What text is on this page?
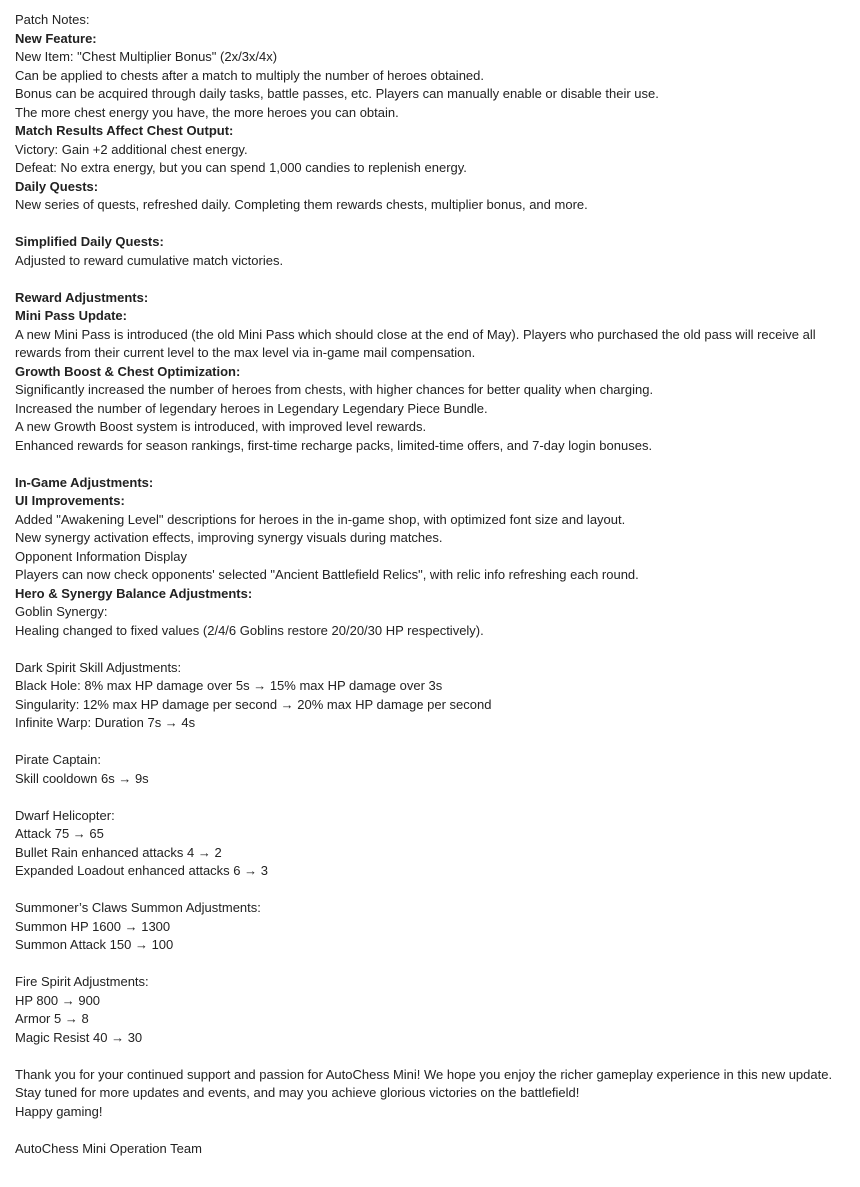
Patch Notes:
New Feature:
New Item: "Chest Multiplier Bonus" (2x/3x/4x)
Can be applied to chests after a match to multiply the number of heroes obtained.
Bonus can be acquired through daily tasks, battle passes, etc. Players can manually enable or disable their use.
The more chest energy you have, the more heroes you can obtain.
Match Results Affect Chest Output:
Victory: Gain +2 additional chest energy.
Defeat: No extra energy, but you can spend 1,000 candies to replenish energy.
Daily Quests:
New series of quests, refreshed daily. Completing them rewards chests, multiplier bonus, and more.
Simplified Daily Quests:
Adjusted to reward cumulative match victories.
Reward Adjustments:
Mini Pass Update:
A new Mini Pass is introduced (the old Mini Pass which should close at the end of May). Players who purchased the old pass will receive all rewards from their current level to the max level via in-game mail compensation.
Growth Boost & Chest Optimization:
Significantly increased the number of heroes from chests, with higher chances for better quality when charging.
Increased the number of legendary heroes in Legendary Legendary Piece Bundle.
A new Growth Boost system is introduced, with improved level rewards.
Enhanced rewards for season rankings, first-time recharge packs, limited-time offers, and 7-day login bonuses.
In-Game Adjustments:
UI Improvements:
Added "Awakening Level" descriptions for heroes in the in-game shop, with optimized font size and layout.
New synergy activation effects, improving synergy visuals during matches.
Opponent Information Display
Players can now check opponents' selected "Ancient Battlefield Relics", with relic info refreshing each round.
Hero & Synergy Balance Adjustments:
Goblin Synergy:
Healing changed to fixed values (2/4/6 Goblins restore 20/20/30 HP respectively).
Dark Spirit Skill Adjustments:
Black Hole: 8% max HP damage over 5s → 15% max HP damage over 3s
Singularity: 12% max HP damage per second → 20% max HP damage per second
Infinite Warp: Duration 7s → 4s
Pirate Captain:
Skill cooldown 6s → 9s
Dwarf Helicopter:
Attack 75 → 65
Bullet Rain enhanced attacks 4 → 2
Expanded Loadout enhanced attacks 6 → 3
Summoner’s Claws Summon Adjustments:
Summon HP 1600 → 1300
Summon Attack 150 → 100
Fire Spirit Adjustments:
HP 800 → 900
Armor 5 → 8
Magic Resist 40 → 30
Thank you for your continued support and passion for AutoChess Mini! We hope you enjoy the richer gameplay experience in this new update.
Stay tuned for more updates and events, and may you achieve glorious victories on the battlefield!
Happy gaming!
AutoChess Mini Operation Team
